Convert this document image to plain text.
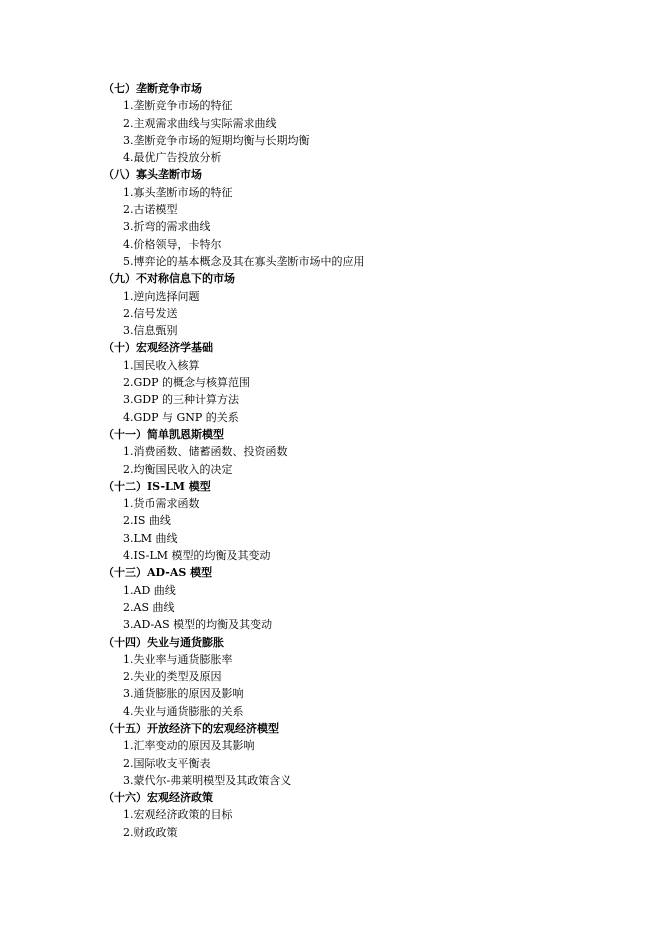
（七）垄断竞争市场
1.垄断竞争市场的特征
2.主观需求曲线与实际需求曲线
3.垄断竞争市场的短期均衡与长期均衡
4.最优广告投放分析
（八）寡头垄断市场
1.寡头垄断市场的特征
2.古诺模型
3.折弯的需求曲线
4.价格领导，卡特尔
5.博弈论的基本概念及其在寡头垄断市场中的应用
（九）不对称信息下的市场
1.逆向选择问题
2.信号发送
3.信息甄别
（十）宏观经济学基础
1.国民收入核算
2.GDP 的概念与核算范围
3.GDP 的三种计算方法
4.GDP 与 GNP 的关系
（十一）简单凯恩斯模型
1.消费函数、储蓄函数、投资函数
2.均衡国民收入的决定
（十二）IS-LM 模型
1.货币需求函数
2.IS 曲线
3.LM 曲线
4.IS-LM 模型的均衡及其变动
（十三）AD-AS 模型
1.AD 曲线
2.AS 曲线
3.AD-AS 模型的均衡及其变动
（十四）失业与通货膨胀
1.失业率与通货膨胀率
2.失业的类型及原因
3.通货膨胀的原因及影响
4.失业与通货膨胀的关系
（十五）开放经济下的宏观经济模型
1.汇率变动的原因及其影响
2.国际收支平衡表
3.蒙代尔-弗莱明模型及其政策含义
（十六）宏观经济政策
1.宏观经济政策的目标
2.财政政策
